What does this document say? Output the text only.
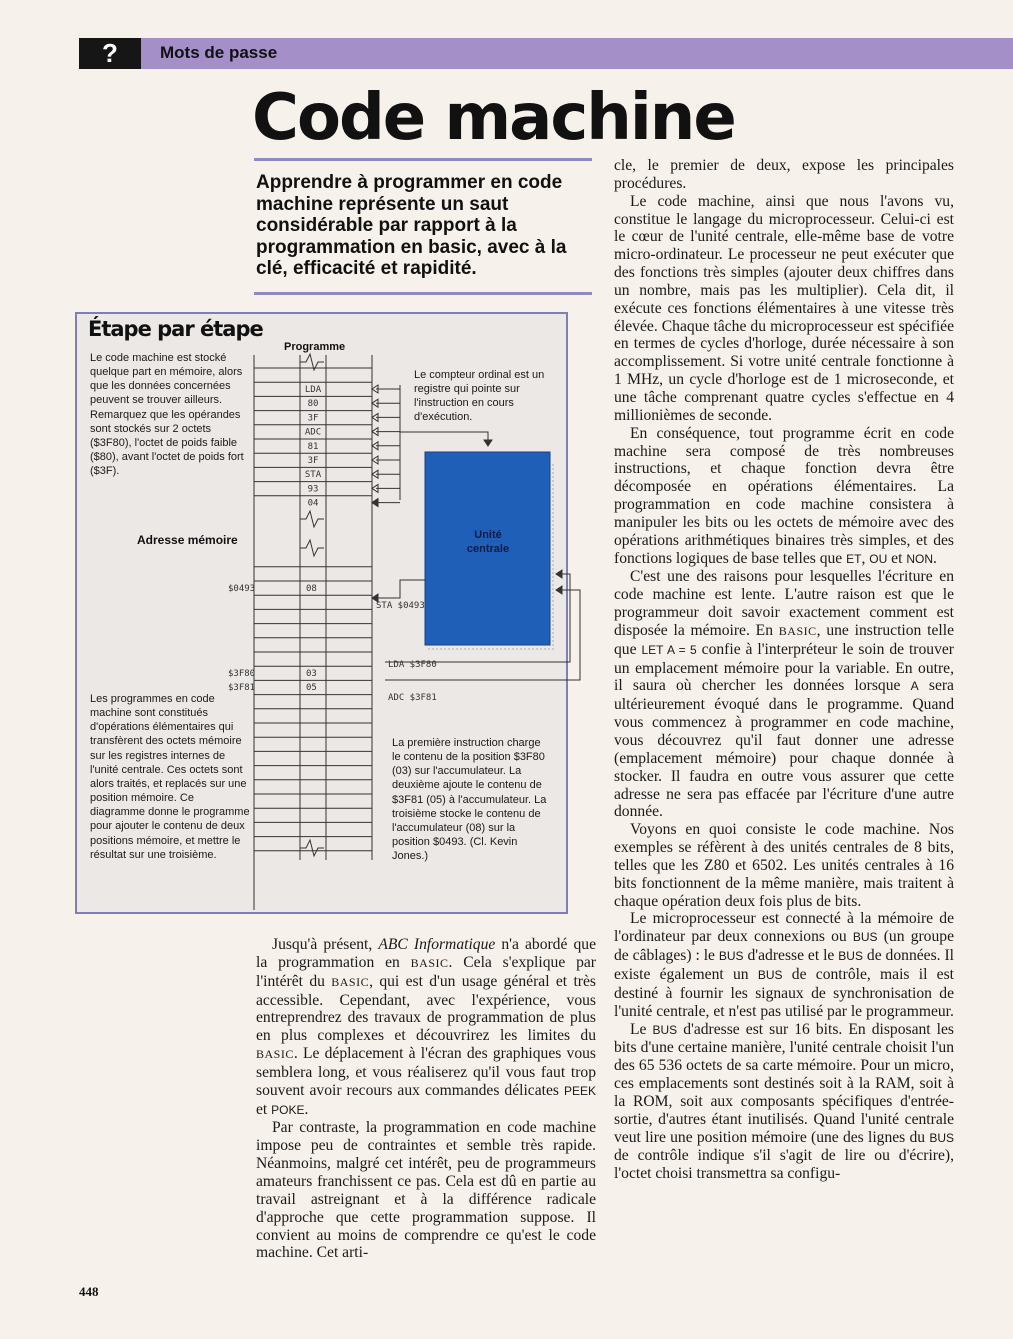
?	Mots de passe
Code machine
Apprendre à programmer en code machine représente un saut considérable par rapport à la programmation en basic, avec à la clé, efficacité et rapidité.
Étape par étape
Le code machine est stocké quelque part en mémoire, alors que les données concernées peuvent se trouver ailleurs. Remarquez que les opérandes sont stockés sur 2 octets ($3F80), l'octet de poids faible ($80), avant l'octet de poids fort ($3F).
Les programmes en code machine sont constitués d'opérations élémentaires qui transfèrent des octets mémoire sur les registres internes de l'unité centrale. Ces octets sont alors traités, et replacés sur une position mémoire. Ce diagramme donne le programme pour ajouter le contenu de deux positions mémoire, et mettre le résultat sur une troisième.
Le compteur ordinal est un registre qui pointe sur l'instruction en cours d'exécution.
La première instruction charge le contenu de la position $3F80 (03) sur l'accumulateur. La deuxième ajoute le contenu de $3F81 (05) à l'accumulateur. La troisième stocke le contenu de l'accumulateur (08) sur la position $0493. (Cl. Kevin Jones.)
Programme
Adresse mémoire	Unité
centrale
STA $0493
LDA $3F80
ADC $3F81
LDA
80
3F
ADC
81
3F
STA
93
04
$0493	08
$3F80	03
$3F81	05

Jusqu'à présent, ABC Informatique n'a abordé que la programmation en BASIC. Cela s'explique par l'intérêt du BASIC, qui est d'un usage général et très accessible. Cependant, avec l'expérience, vous entreprendrez des travaux de programmation de plus en plus complexes et découvrirez les limites du BASIC. Le déplacement à l'écran des graphiques vous semblera long, et vous réaliserez qu'il vous faut trop souvent avoir recours aux commandes délicates PEEK et POKE.

Par contraste, la programmation en code machine impose peu de contraintes et semble très rapide. Néanmoins, malgré cet intérêt, peu de programmeurs amateurs franchissent ce pas. Cela est dû en partie au travail astreignant et à la différence radicale d'approche que cette programmation suppose. Il convient au moins de comprendre ce qu'est le code machine. Cet arti-

cle, le premier de deux, expose les principales procédures.

Le code machine, ainsi que nous l'avons vu, constitue le langage du microprocesseur. Celui-ci est le cœur de l'unité centrale, elle-même base de votre micro-ordinateur. Le processeur ne peut exécuter que des fonctions très simples (ajouter deux chiffres dans un nombre, mais pas les multiplier). Cela dit, il exécute ces fonctions élémentaires à une vitesse très élevée. Chaque tâche du microprocesseur est spécifiée en termes de cycles d'horloge, durée nécessaire à son accomplissement. Si votre unité centrale fonctionne à 1 MHz, un cycle d'horloge est de 1 microseconde, et une tâche comprenant quatre cycles s'effectue en 4 millionièmes de seconde.

En conséquence, tout programme écrit en code machine sera composé de très nombreuses instructions, et chaque fonction devra être décomposée en opérations élémentaires. La programmation en code machine consistera à manipuler les bits ou les octets de mémoire avec des opérations arithmétiques binaires très simples, et des fonctions logiques de base telles que ET, OU et NON.

C'est une des raisons pour lesquelles l'écriture en code machine est lente. L'autre raison est que le programmeur doit savoir exactement comment est disposée la mémoire. En BASIC, une instruction telle que LET A = 5 confie à l'interpréteur le soin de trouver un emplacement mémoire pour la variable. En outre, il saura où chercher les données lorsque A sera ultérieurement évoqué dans le programme. Quand vous commencez à programmer en code machine, vous découvrez qu'il faut donner une adresse (emplacement mémoire) pour chaque donnée à stocker. Il faudra en outre vous assurer que cette adresse ne sera pas effacée par l'écriture d'une autre donnée.

Voyons en quoi consiste le code machine. Nos exemples se réfèrent à des unités centrales de 8 bits, telles que les Z80 et 6502. Les unités centrales à 16 bits fonctionnent de la même manière, mais traitent à chaque opération deux fois plus de bits.

Le microprocesseur est connecté à la mémoire de l'ordinateur par deux connexions ou BUS (un groupe de câblages) : le BUS d'adresse et le BUS de données. Il existe également un BUS de contrôle, mais il est destiné à fournir les signaux de synchronisation de l'unité centrale, et n'est pas utilisé par le programmeur.

Le BUS d'adresse est sur 16 bits. En disposant les bits d'une certaine manière, l'unité centrale choisit l'un des 65 536 octets de sa carte mémoire. Pour un micro, ces emplacements sont destinés soit à la RAM, soit à la ROM, soit aux composants spécifiques d'entrée-sortie, d'autres étant inutilisés. Quand l'unité centrale veut lire une position mémoire (une des lignes du BUS de contrôle indique s'il s'agit de lire ou d'écrire), l'octet choisi transmettra sa configu-

448
